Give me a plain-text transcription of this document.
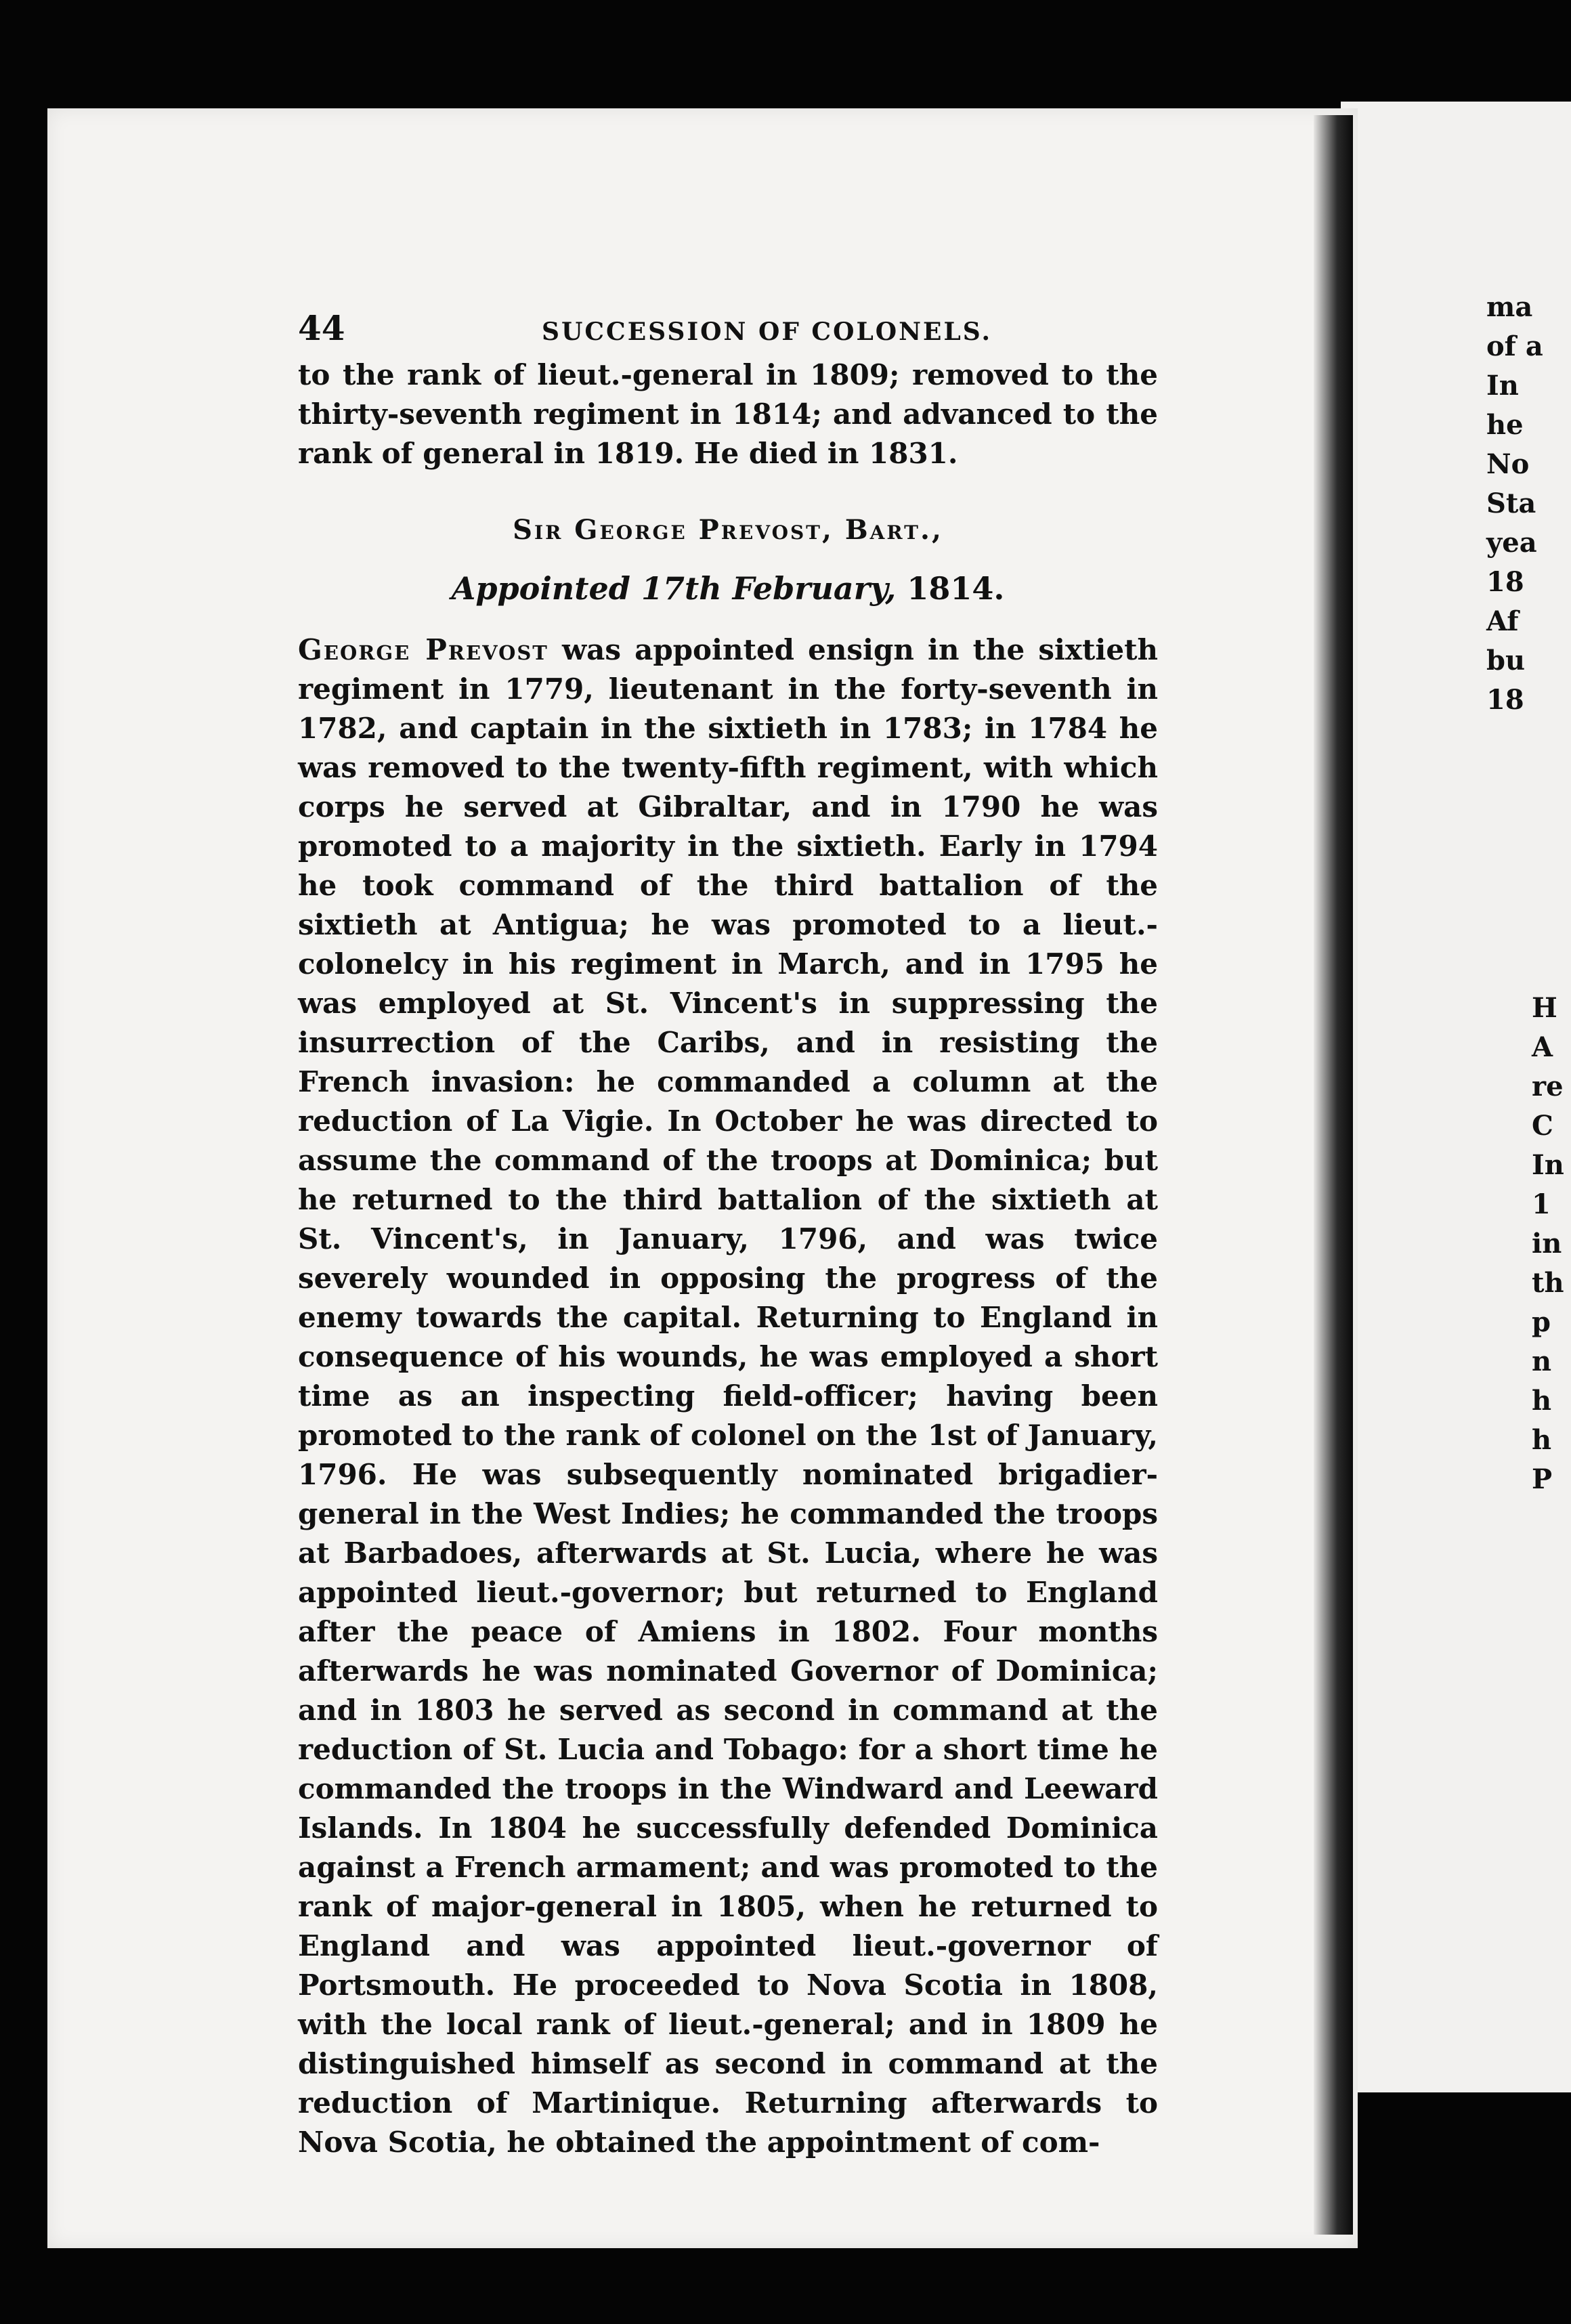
44	SUCCESSION OF COLONELS.

to the rank of lieut.-general in 1809; removed to the thirty-seventh regiment in 1814; and advanced to the rank of general in 1819. He died in 1831.

Sir George Prevost, Bart.,
Appointed 17th February, 1814.

George Prevost was appointed ensign in the sixtieth regiment in 1779, lieutenant in the forty-seventh in 1782, and captain in the sixtieth in 1783; in 1784 he was removed to the twenty-fifth regiment, with which corps he served at Gibraltar, and in 1790 he was promoted to a majority in the sixtieth. Early in 1794 he took command of the third battalion of the sixtieth at Antigua; he was promoted to a lieut.-colonelcy in his regiment in March, and in 1795 he was employed at St. Vincent's in suppressing the insurrection of the Caribs, and in resisting the French invasion: he commanded a column at the reduction of La Vigie. In October he was directed to assume the command of the troops at Dominica; but he returned to the third battalion of the sixtieth at St. Vincent's, in January, 1796, and was twice severely wounded in opposing the progress of the enemy towards the capital. Returning to England in consequence of his wounds, he was employed a short time as an inspecting field-officer; having been promoted to the rank of colonel on the 1st of January, 1796. He was subsequently nominated brigadier-general in the West Indies; he commanded the troops at Barbadoes, afterwards at St. Lucia, where he was appointed lieut.-governor; but returned to England after the peace of Amiens in 1802. Four months afterwards he was nominated Governor of Dominica; and in 1803 he served as second in command at the reduction of St. Lucia and Tobago: for a short time he commanded the troops in the Windward and Leeward Islands. In 1804 he successfully defended Dominica against a French armament; and was promoted to the rank of major-general in 1805, when he returned to England and was appointed lieut.-governor of Portsmouth. He proceeded to Nova Scotia in 1808, with the local rank of lieut.-general; and in 1809 he distinguished himself as second in command at the reduction of Martinique. Returning afterwards to Nova Scotia, he obtained the appointment of com-

ma
of a
In
he
No
Sta
yea
18
Af
bu
18
H
A
re
C
In
1
in
th
p
n
h
h
P
